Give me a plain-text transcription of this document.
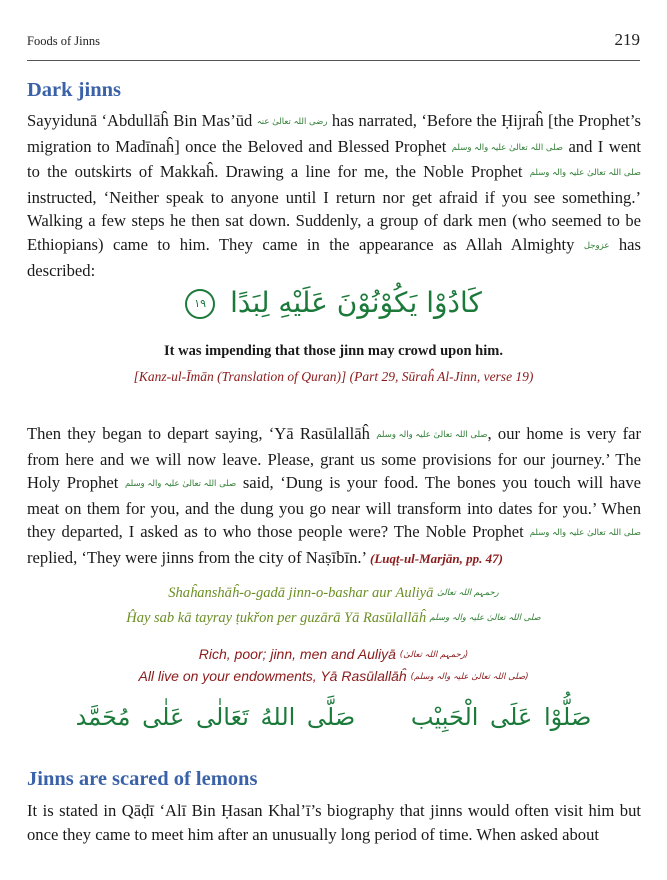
Foods of Jinns	219
Dark jinns

Sayyidunā ‘Abdullāĥ Bin Mas’ūd رضی اللہ تعالیٰ عنہ has narrated, ‘Before the Ḥijraĥ [the Prophet’s migration to Madīnaĥ] once the Beloved and Blessed Prophet صلی اللہ تعالیٰ علیہ والہ وسلم and I went to the outskirts of Makkaĥ. Drawing a line for me, the Noble Prophet صلی اللہ تعالیٰ علیہ والہ وسلم instructed, ‘Neither speak to anyone until I return nor get afraid if you see something.’ Walking a few steps he then sat down. Suddenly, a group of dark men (who seemed to be Ethiopians) came to him. They came in the appearance as Allah Almighty عزوجل has described:

كَادُوْا يَكُوْنُوْنَ عَلَيْهِ لِبَدًا ١٩
It was impending that those jinn may crowd upon him.
[Kanz-ul-Īmān (Translation of Quran)] (Part 29, Sūraĥ Al-Jinn, verse 19)

Then they began to depart saying, ‘Yā Rasūlallāĥ صلی اللہ تعالیٰ علیہ والہ وسلم, our home is very far from here and we will now leave. Please, grant us some provisions for our journey.’ The Holy Prophet صلی اللہ تعالیٰ علیہ والہ وسلم said, ‘Dung is your food. The bones you touch will have meat on them for you, and the dung you go near will transform into dates for you.’ When they departed, I asked as to who those people were? The Noble Prophet صلی اللہ تعالیٰ علیہ والہ وسلم replied, ‘They were jinns from the city of Naṣībīn.’ (Luqṭ-ul-Marjān, pp. 47)

Shaĥanshāĥ-o-gadā jinn-o-bashar aur Auliyā رحمہم اللہ تعالیٰ
Ĥay sab kā tayray ṭukřon per guzārā Yā Rasūlallāĥ صلی اللہ تعالیٰ علیہ والہ وسلم
Rich, poor; jinn, men and Auliyā (رحمہم اللہ تعالیٰ)
All live on your endowments, Yā Rasūlallāĥ (صلی اللہ تعالیٰ علیہ والہ وسلم)
صَلُّوْا عَلَى الْحَبِيْب صَلَّى اللهُ تَعَالٰى عَلٰى مُحَمَّد
Jinns are scared of lemons

It is stated in Qāḍī ‘Alī Bin Ḥasan Khal’ī’s biography that jinns would often visit him but once they came to meet him after an unusually long period of time. When asked about
